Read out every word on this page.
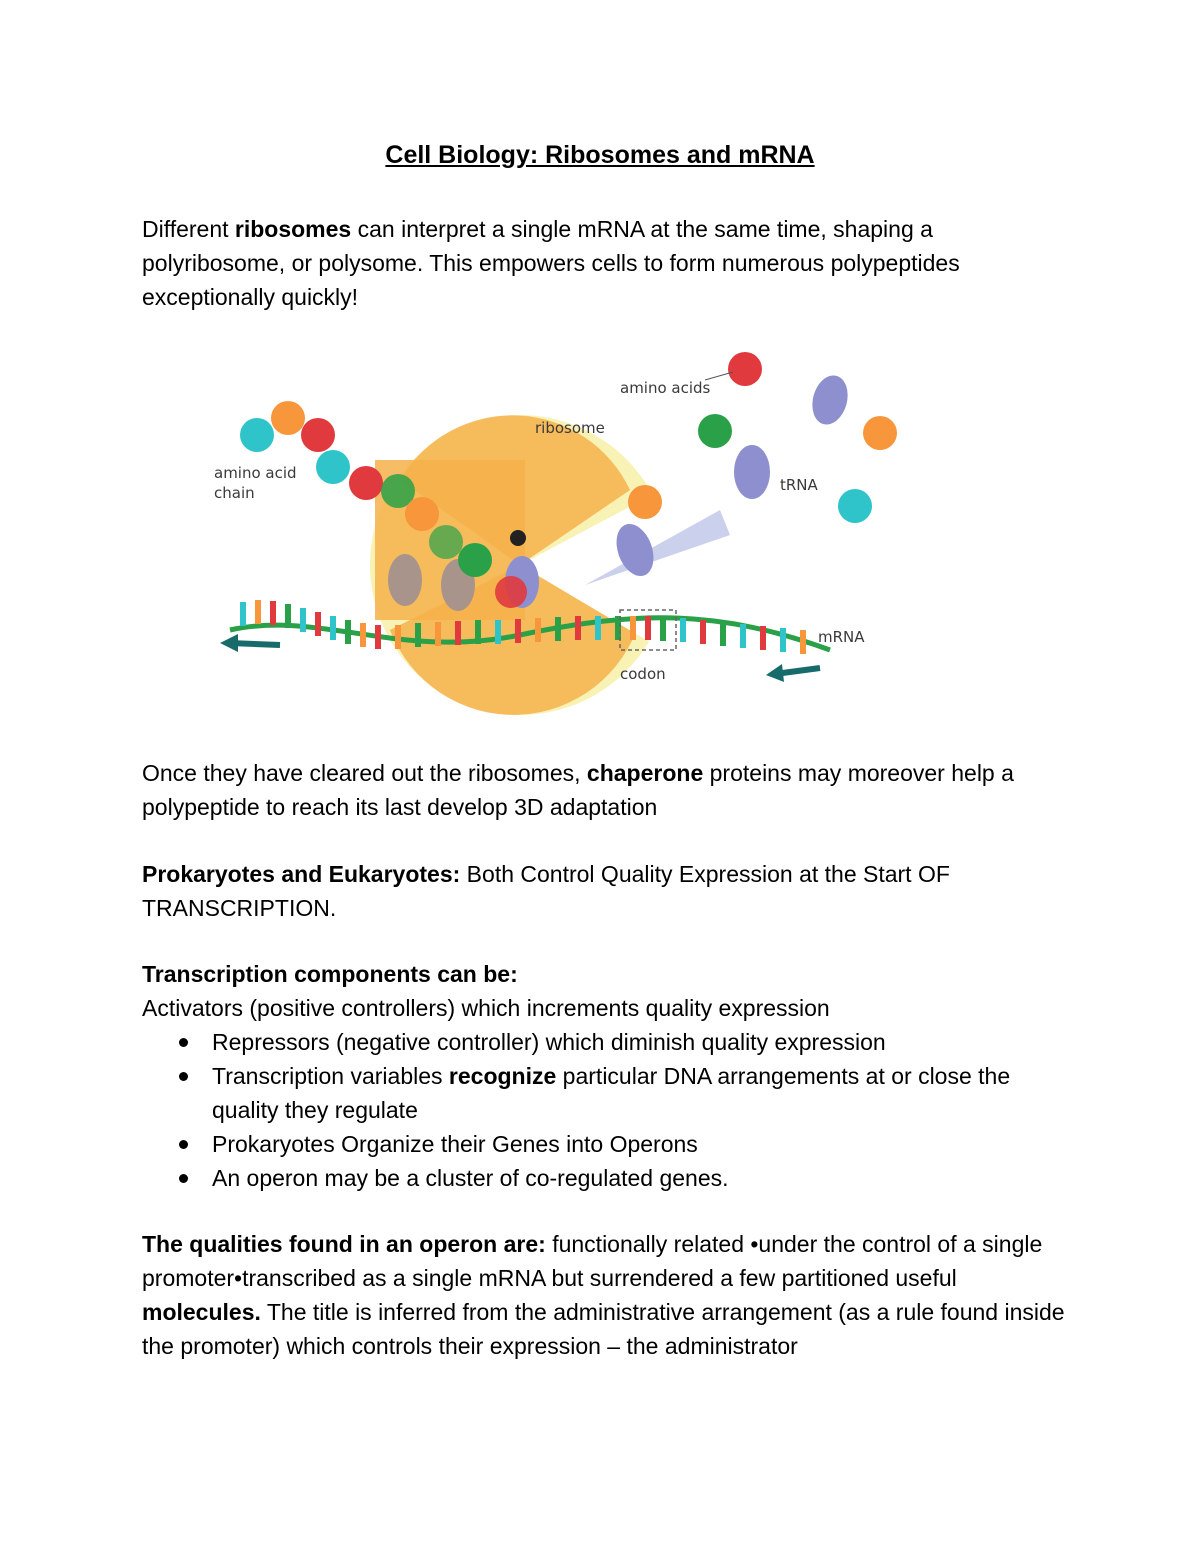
Cell Biology: Ribosomes and mRNA

Different ribosomes can interpret a single mRNA at the same time, shaping a polyribosome, or polysome. This empowers cells to form numerous polypeptides exceptionally quickly!

amino acid
chain
ribosome
amino acids
tRNA
mRNA
codon

Once they have cleared out the ribosomes, chaperone proteins may moreover help a polypeptide to reach its last develop 3D adaptation

Prokaryotes and Eukaryotes: Both Control Quality Expression at the Start OF TRANSCRIPTION.

Transcription components can be:
Activators (positive controllers) which increments quality expression
Repressors (negative controller) which diminish quality expression
Transcription variables recognize particular DNA arrangements at or close the quality they regulate
Prokaryotes Organize their Genes into Operons
An operon may be a cluster of co-regulated genes.

The qualities found in an operon are: functionally related •under the control of a single promoter•transcribed as a single mRNA but surrendered a few partitioned useful molecules. The title is inferred from the administrative arrangement (as a rule found inside the promoter) which controls their expression – the administrator
